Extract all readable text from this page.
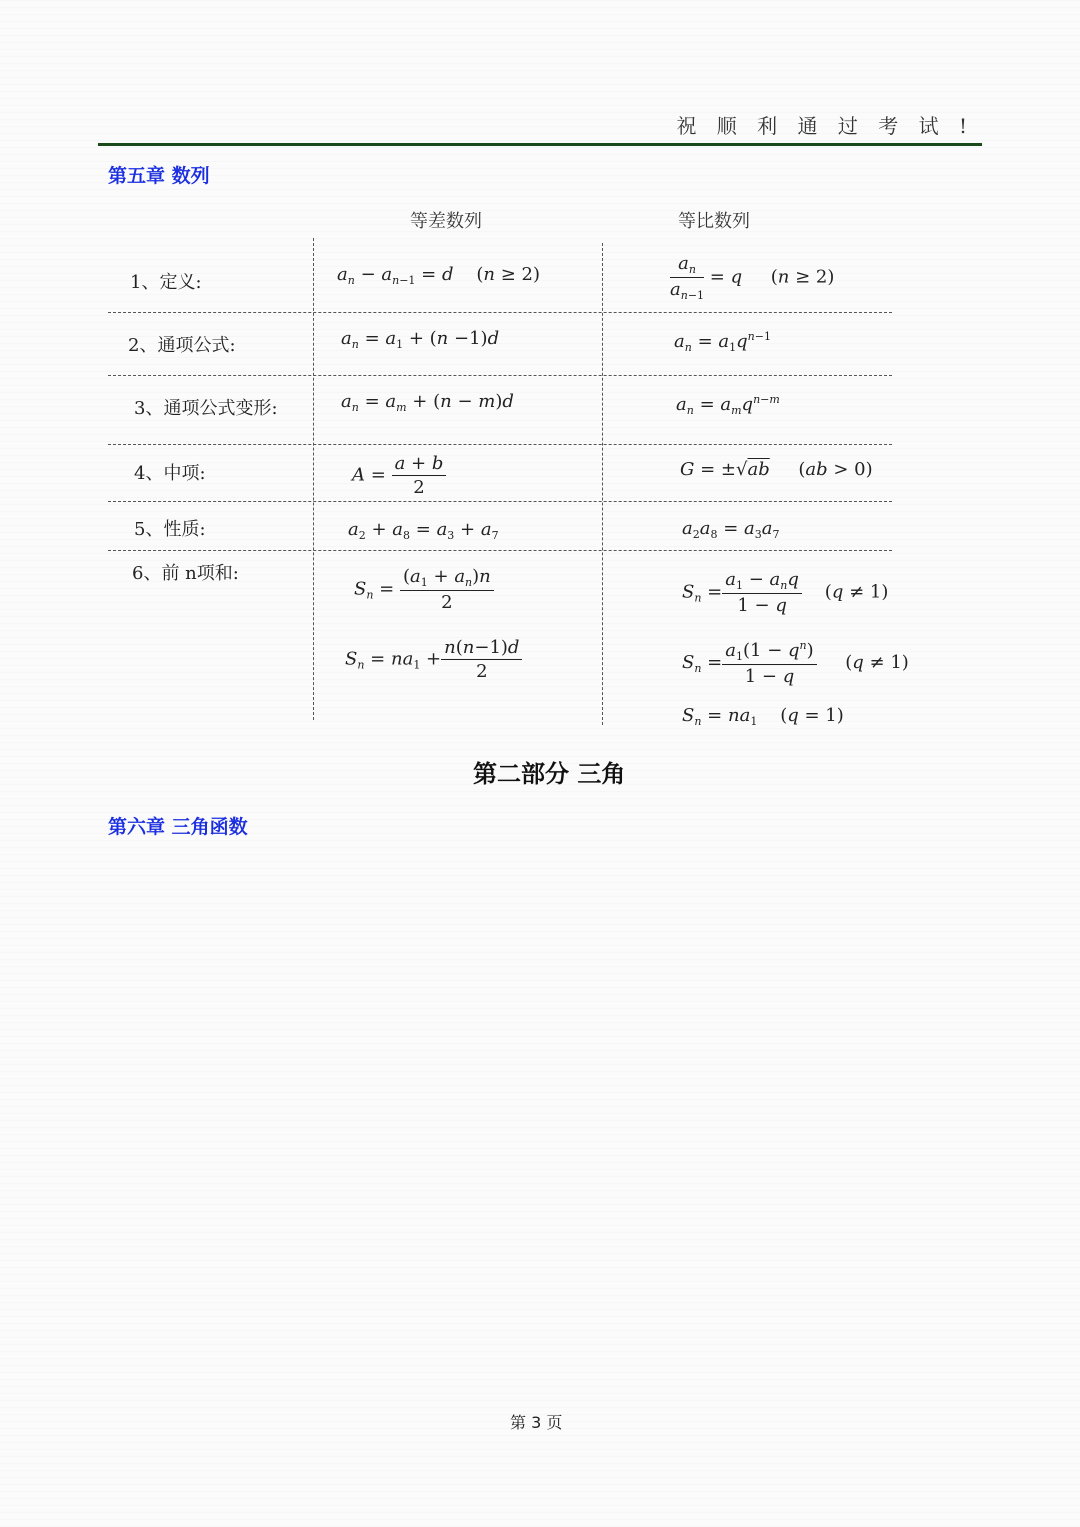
祝 顺 利 通 过 考 试 !
第五章 数列
等差数列	等比数列
1、定义:
2、通项公式:
3、通项公式变形:
4、中项:
5、性质:
6、前 n项和:
$a_n - a_{n-1} = d$    (n ≥ 2)
$a_n = a_1 + (n -1)d$
$a_n = a_m + (n - m)d$
$A = \frac{a + b}{2}$
$a_2 + a_8 = a_3 + a_7$
$S_n = \frac{(a_1 + a_n)n}{2}$
$S_n = na_1 + \frac{n(n-1)d}{2}$
$\frac{a_n}{a_{n-1}} = q$     (n ≥ 2)
$a_n = a_1q^{n-1}$
$a_n = a_mq^{n-m}$
G = ±√ab (ab > 0)
$a_2a_8 = a_3a_7$
$S_n = \frac{a_1 - a_nq}{1 - q} (q \ne 1)$
$S_n = \frac{a_1(1 - q^n)}{1 - q} (q \ne 1)$
$S_n = na_1$ (q = 1)
第二部分 三角
第六章 三角函数
第 3 页
